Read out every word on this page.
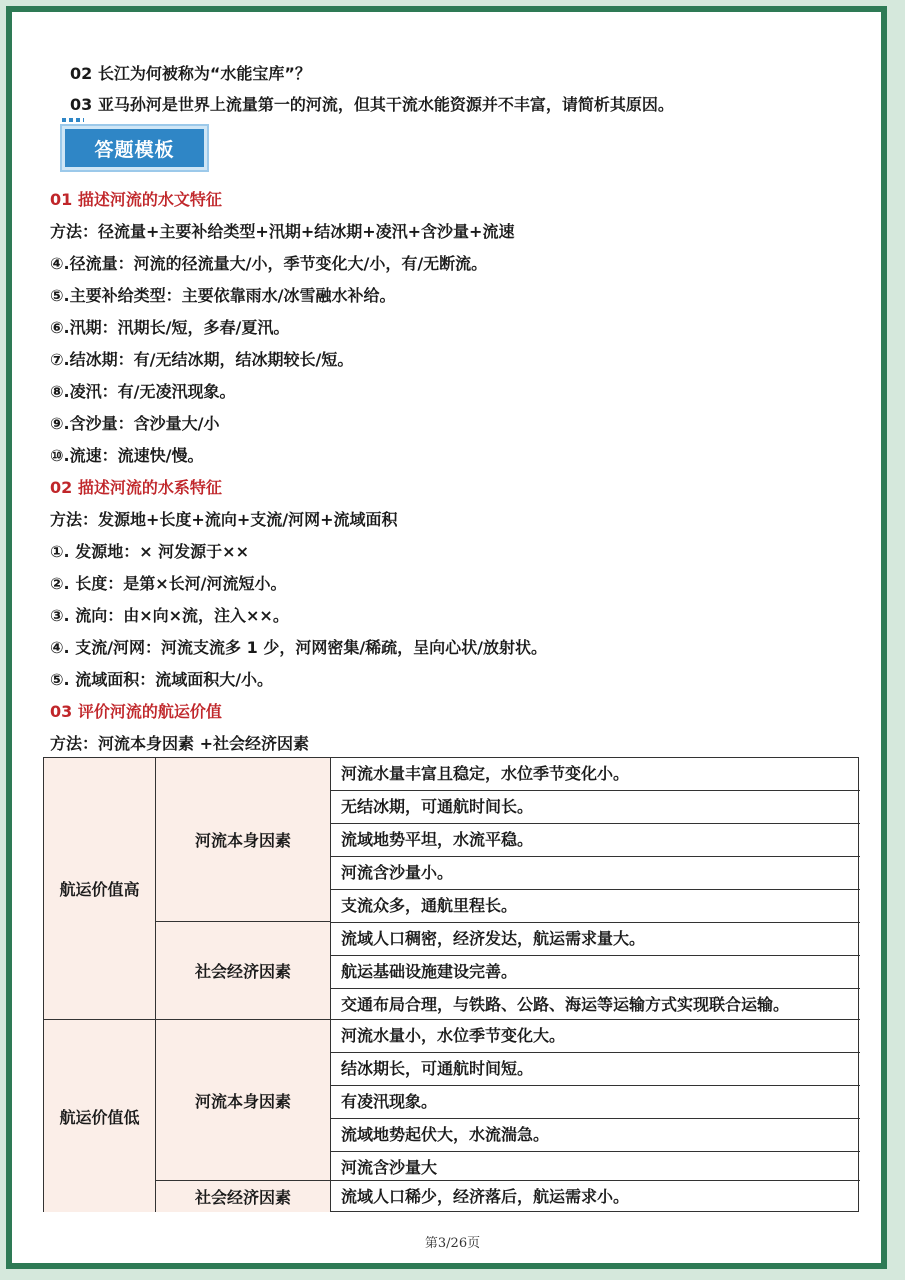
02 长江为何被称为“水能宝库”？
03 亚马孙河是世界上流量第一的河流，但其干流水能资源并不丰富，请简析其原因。
答题模板
01 描述河流的水文特征
方法：径流量+主要补给类型+汛期+结冰期+凌汛+含沙量+流速
④.径流量：河流的径流量大/小，季节变化大/小，有/无断流。
⑤.主要补给类型：主要依靠雨水/冰雪融水补给。
⑥.汛期：汛期长/短，多春/夏汛。
⑦.结冰期：有/无结冰期，结冰期较长/短。
⑧.凌汛：有/无凌汛现象。
⑨.含沙量：含沙量大/小
⑩.流速：流速快/慢。
02 描述河流的水系特征
方法：发源地+长度+流向+支流/河网+流域面积
①. 发源地：× 河发源于××
②. 长度：是第×长河/河流短小。
③. 流向：由×向×流，注入××。
④. 支流/河网：河流支流多 1 少，河网密集/稀疏，呈向心状/放射状。
⑤. 流域面积：流域面积大/小。
03 评价河流的航运价值
方法：河流本身因素 +社会经济因素
航运价值高
河流本身因素
社会经济因素
河流水量丰富且稳定，水位季节变化小。
无结冰期，可通航时间长。
流域地势平坦，水流平稳。
河流含沙量小。
支流众多，通航里程长。
流域人口稠密，经济发达，航运需求量大。
航运基础设施建设完善。
交通布局合理，与铁路、公路、海运等运输方式实现联合运输。
航运价值低
河流本身因素
社会经济因素
河流水量小，水位季节变化大。
结冰期长，可通航时间短。
有凌汛现象。
流域地势起伏大，水流湍急。
河流含沙量大
流域人口稀少，经济落后，航运需求小。
第3/26页
